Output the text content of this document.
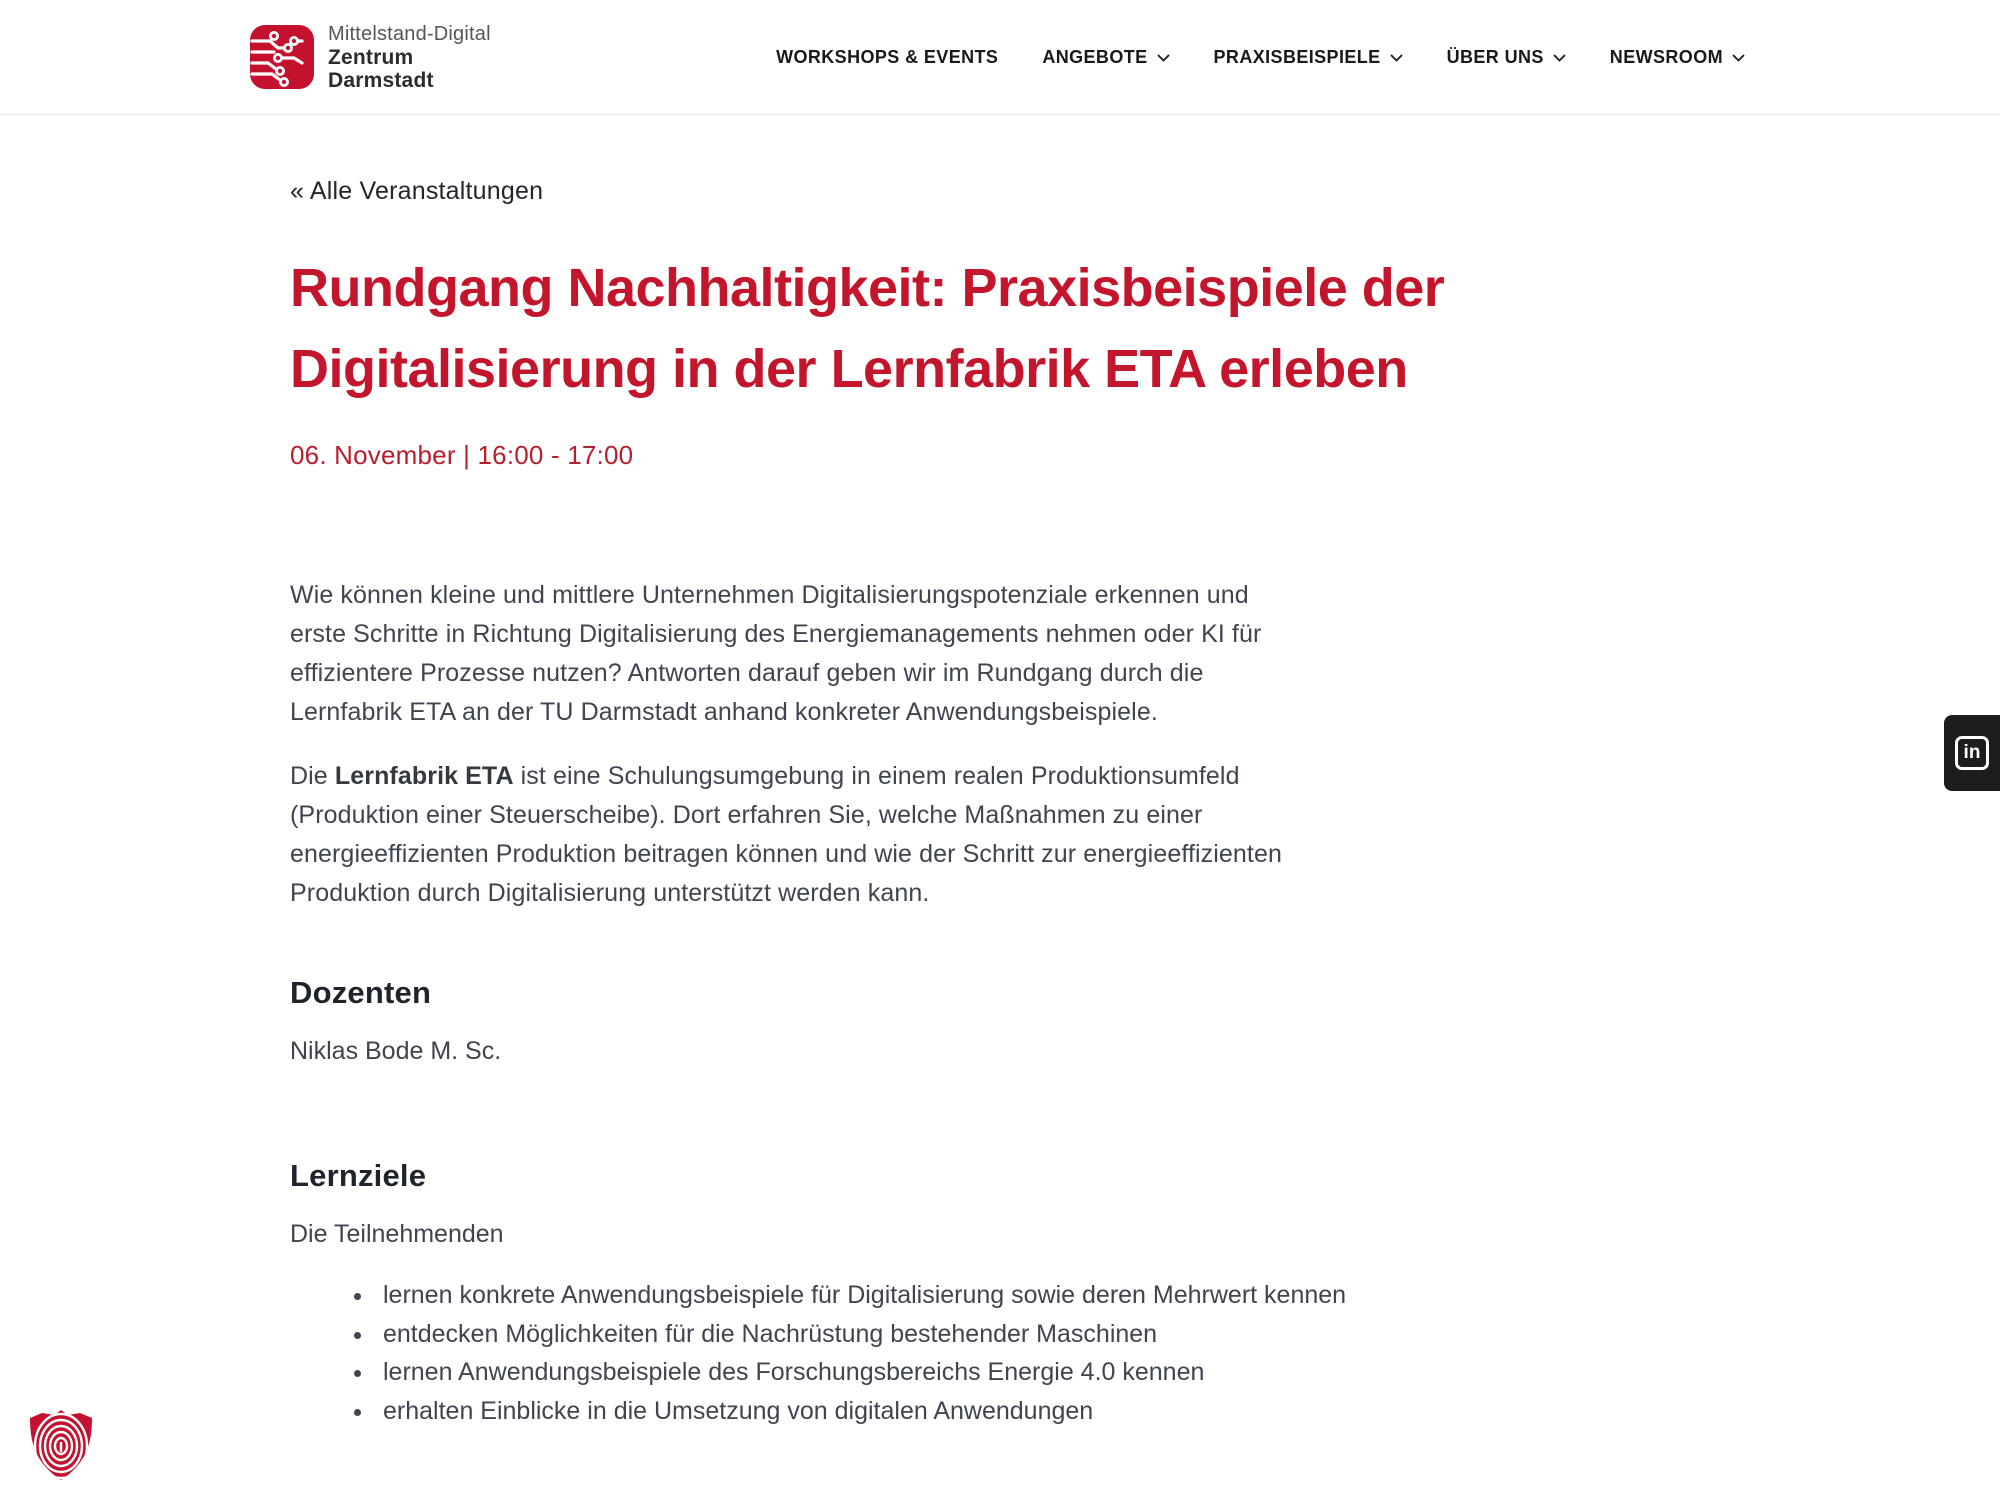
Mittelstand-Digital
Zentrum
Darmstadt
WORKSHOPS & EVENTS ANGEBOTE	PRAXISBEISPIELE	ÜBER UNS	NEWSROOM
« Alle Veranstaltungen
Rundgang Nachhaltigkeit: Praxisbeispiele der Digitalisierung in der Lernfabrik ETA erleben
06. November | 16:00 - 17:00

Wie können kleine und mittlere Unternehmen Digitalisierungspotenziale erkennen und erste Schritte in Richtung Digitalisierung des Energiemanagements nehmen oder KI für effizientere Prozesse nutzen? Antworten darauf geben wir im Rundgang durch die Lernfabrik ETA an der TU Darmstadt anhand konkreter Anwendungsbeispiele.

Die Lernfabrik ETA ist eine Schulungsumgebung in einem realen Produktionsumfeld (Produktion einer Steuerscheibe). Dort erfahren Sie, welche Maßnahmen zu einer energieeffizienten Produktion beitragen können und wie der Schritt zur energieeffizienten Produktion durch Digitalisierung unterstützt werden kann.

Dozenten
Niklas Bode M. Sc.
Lernziele
Die Teilnehmenden
• lernen konkrete Anwendungsbeispiele für Digitalisierung sowie deren Mehrwert kennen
• entdecken Möglichkeiten für die Nachrüstung bestehender Maschinen
• lernen Anwendungsbeispiele des Forschungsbereichs Energie 4.0 kennen
• erhalten Einblicke in die Umsetzung von digitalen Anwendungen
in
